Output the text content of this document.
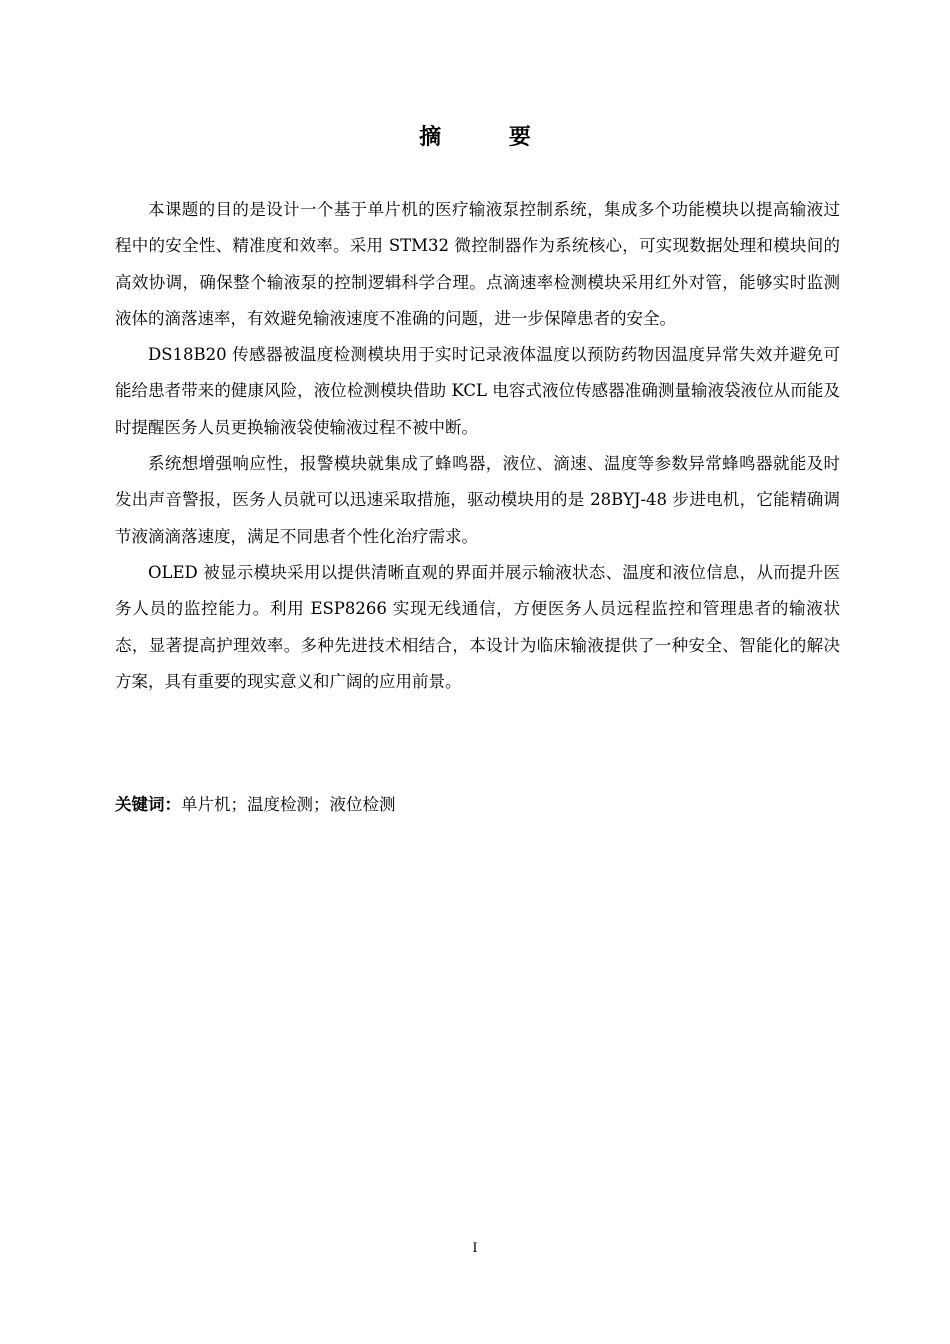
摘 要

本课题的目的是设计一个基于单片机的医疗输液泵控制系统，集成多个功能模块以提高输液过程中的安全性、精准度和效率。采用 STM32 微控制器作为系统核心，可实现数据处理和模块间的高效协调，确保整个输液泵的控制逻辑科学合理。点滴速率检测模块采用红外对管，能够实时监测液体的滴落速率，有效避免输液速度不准确的问题，进一步保障患者的安全。

DS18B20 传感器被温度检测模块用于实时记录液体温度以预防药物因温度异常失效并避免可能给患者带来的健康风险，液位检测模块借助 KCL 电容式液位传感器准确测量输液袋液位从而能及时提醒医务人员更换输液袋使输液过程不被中断。

系统想增强响应性，报警模块就集成了蜂鸣器，液位、滴速、温度等参数异常蜂鸣器就能及时发出声音警报，医务人员就可以迅速采取措施，驱动模块用的是 28BYJ-48 步进电机，它能精确调节液滴滴落速度，满足不同患者个性化治疗需求。

OLED 被显示模块采用以提供清晰直观的界面并展示输液状态、温度和液位信息，从而提升医务人员的监控能力。利用 ESP8266 实现无线通信，方便医务人员远程监控和管理患者的输液状态，显著提高护理效率。多种先进技术相结合，本设计为临床输液提供了一种安全、智能化的解决方案，具有重要的现实意义和广阔的应用前景。

关键词：单片机；温度检测；液位检测
I
